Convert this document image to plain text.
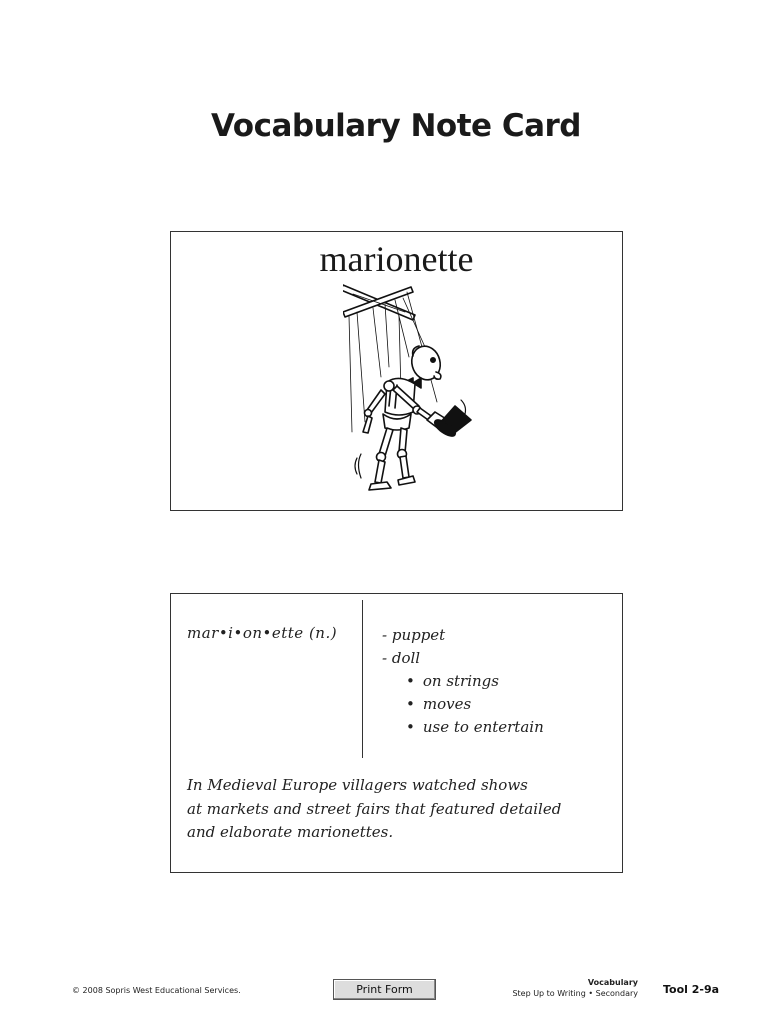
Vocabulary Note Card
marionette
mar•i•on•ette (n.)	- puppet
- doll
• on strings
• moves
• use to entertain
In Medieval Europe villagers watched shows
at markets and street fairs that featured detailed
and elaborate marionettes.
© 2008 Sopris West Educational Services.	Print Form
Vocabulary
Step Up to Writing • Secondary Tool 2-9a
